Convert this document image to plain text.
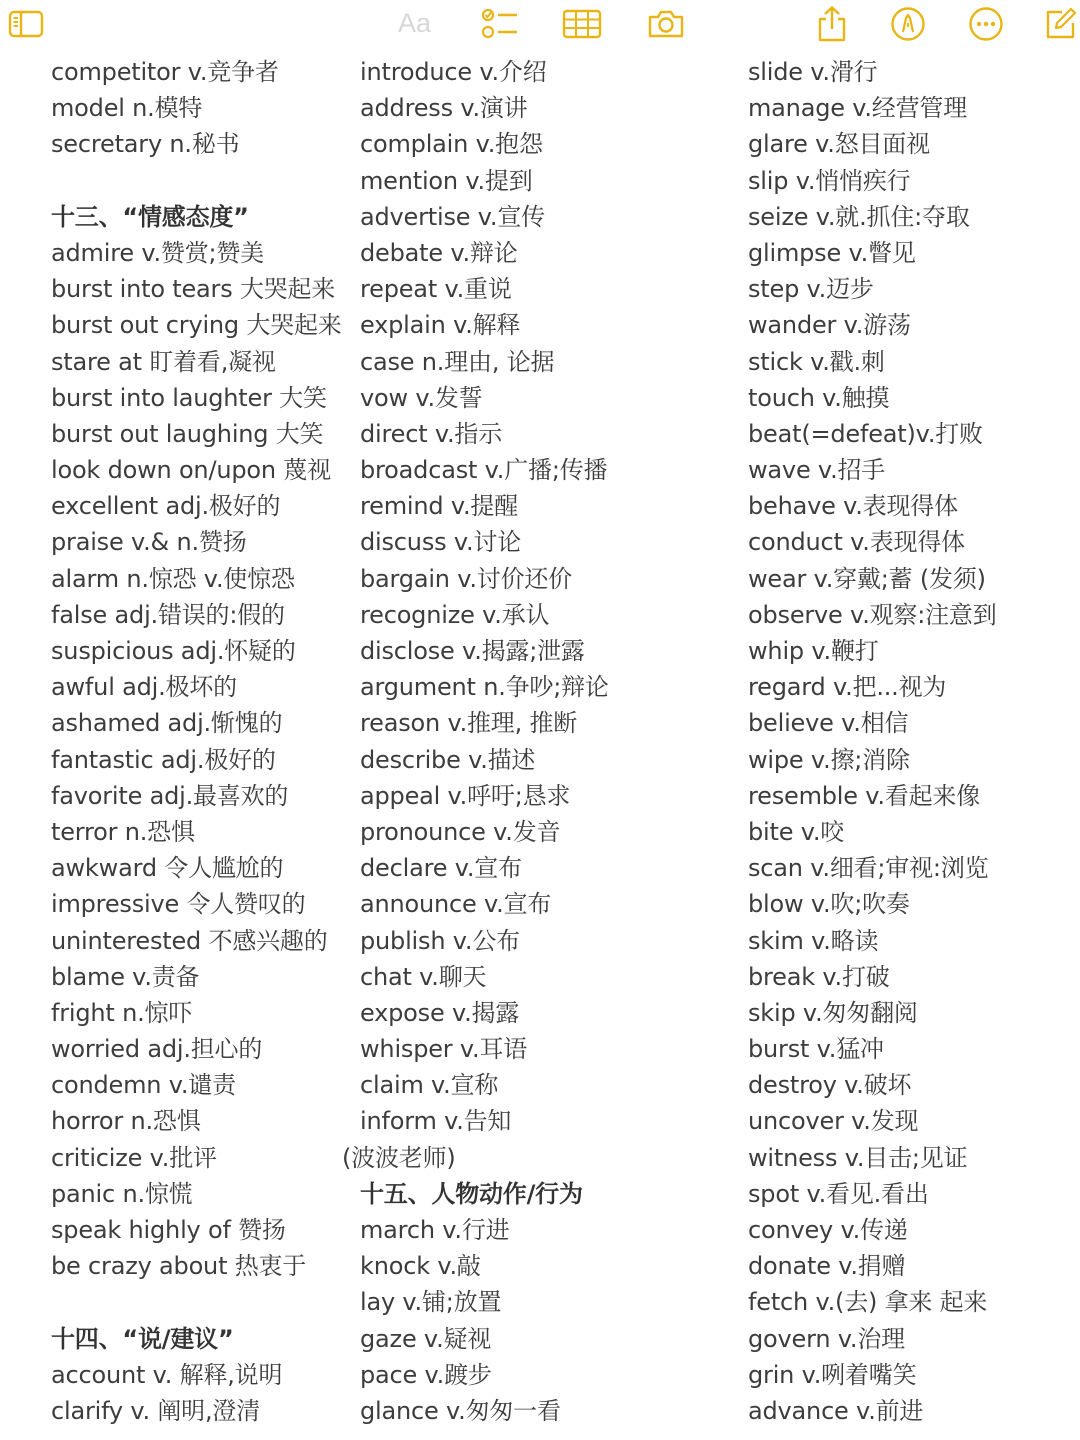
Aa
competitor v.竞争者
model n.模特
secretary n.秘书
十三、“情感态度”
admire v.赞赏;赞美
burst into tears 大哭起来
burst out crying 大哭起来
stare at 盯着看,凝视
burst into laughter 大笑
burst out laughing 大笑
look down on/upon 蔑视
excellent adj.极好的
praise v.& n.赞扬
alarm n.惊恐 v.使惊恐
false adj.错误的:假的
suspicious adj.怀疑的
awful adj.极坏的
ashamed adj.惭愧的
fantastic adj.极好的
favorite adj.最喜欢的
terror n.恐惧
awkward 令人尴尬的
impressive 令人赞叹的
uninterested 不感兴趣的
blame v.责备
fright n.惊吓
worried adj.担心的
condemn v.谴责
horror n.恐惧
criticize v.批评
panic n.惊慌
speak highly of 赞扬
be crazy about 热衷于
十四、“说/建议”
account v. 解释,说明
clarify v. 阐明,澄清
introduce v.介绍
address v.演讲
complain v.抱怨
mention v.提到
advertise v.宣传
debate v.辩论
repeat v.重说
explain v.解释
case n.理由, 论据
vow v.发誓
direct v.指示
broadcast v.广播;传播
remind v.提醒
discuss v.讨论
bargain v.讨价还价
recognize v.承认
disclose v.揭露;泄露
argument n.争吵;辩论
reason v.推理, 推断
describe v.描述
appeal v.呼吁;恳求
pronounce v.发音
declare v.宣布
announce v.宣布
publish v.公布
chat v.聊天
expose v.揭露
whisper v.耳语
claim v.宣称
inform v.告知
(波波老师)
十五、人物动作/行为
march v.行进
knock v.敲
lay v.铺;放置
gaze v.疑视
pace v.踱步
glance v.匆匆一看
slide v.滑行
manage v.经营管理
glare v.怒目面视
slip v.悄悄疾行
seize v.就.抓住:夺取
glimpse v.瞥见
step v.迈步
wander v.游荡
stick v.戳.刺
touch v.触摸
beat(=defeat)v.打败
wave v.招手
behave v.表现得体
conduct v.表现得体
wear v.穿戴;蓄 (发须)
observe v.观察:注意到
whip v.鞭打
regard v.把...视为
believe v.相信
wipe v.擦;消除
resemble v.看起来像
bite v.咬
scan v.细看;审视:浏览
blow v.吹;吹奏
skim v.略读
break v.打破
skip v.匆匆翻阅
burst v.猛冲
destroy v.破坏
uncover v.发现
witness v.目击;见证
spot v.看见.看出
convey v.传递
donate v.捐赠
fetch v.(去) 拿来 起来
govern v.治理
grin v.咧着嘴笑
advance v.前进
